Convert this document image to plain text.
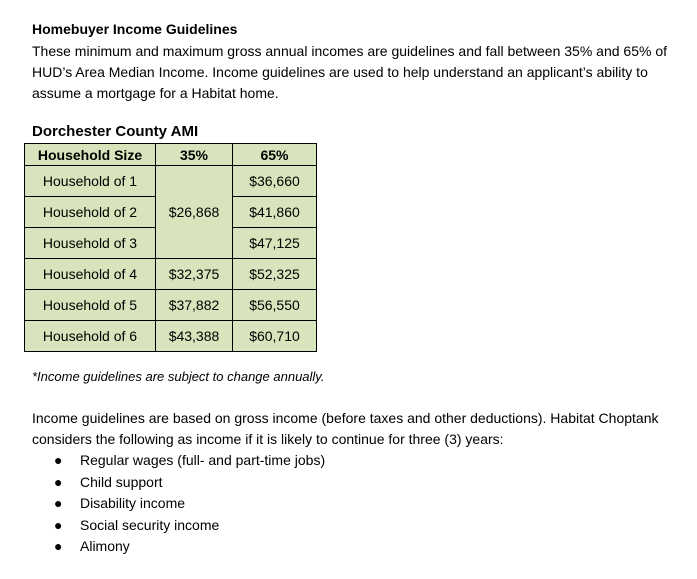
Homebuyer Income Guidelines

These minimum and maximum gross annual incomes are guidelines and fall between 35% and 65% of HUD’s Area Median Income. Income guidelines are used to help understand an applicant’s ability to assume a mortgage for a Habitat home.

Dorchester County AMI

Household Size	35%	65%
Household of 1	$26,868	$36,660
Household of 2		$41,860
Household of 3		$47,125
Household of 4	$32,375	$52,325
Household of 5	$37,882	$56,550
Household of 6	$43,388	$60,710

*Income guidelines are subject to change annually.

Income guidelines are based on gross income (before taxes and other deductions). Habitat Choptank considers the following as income if it is likely to continue for three (3) years:

● Regular wages (full- and part-time jobs)
● Child support
● Disability income
● Social security income
● Alimony
